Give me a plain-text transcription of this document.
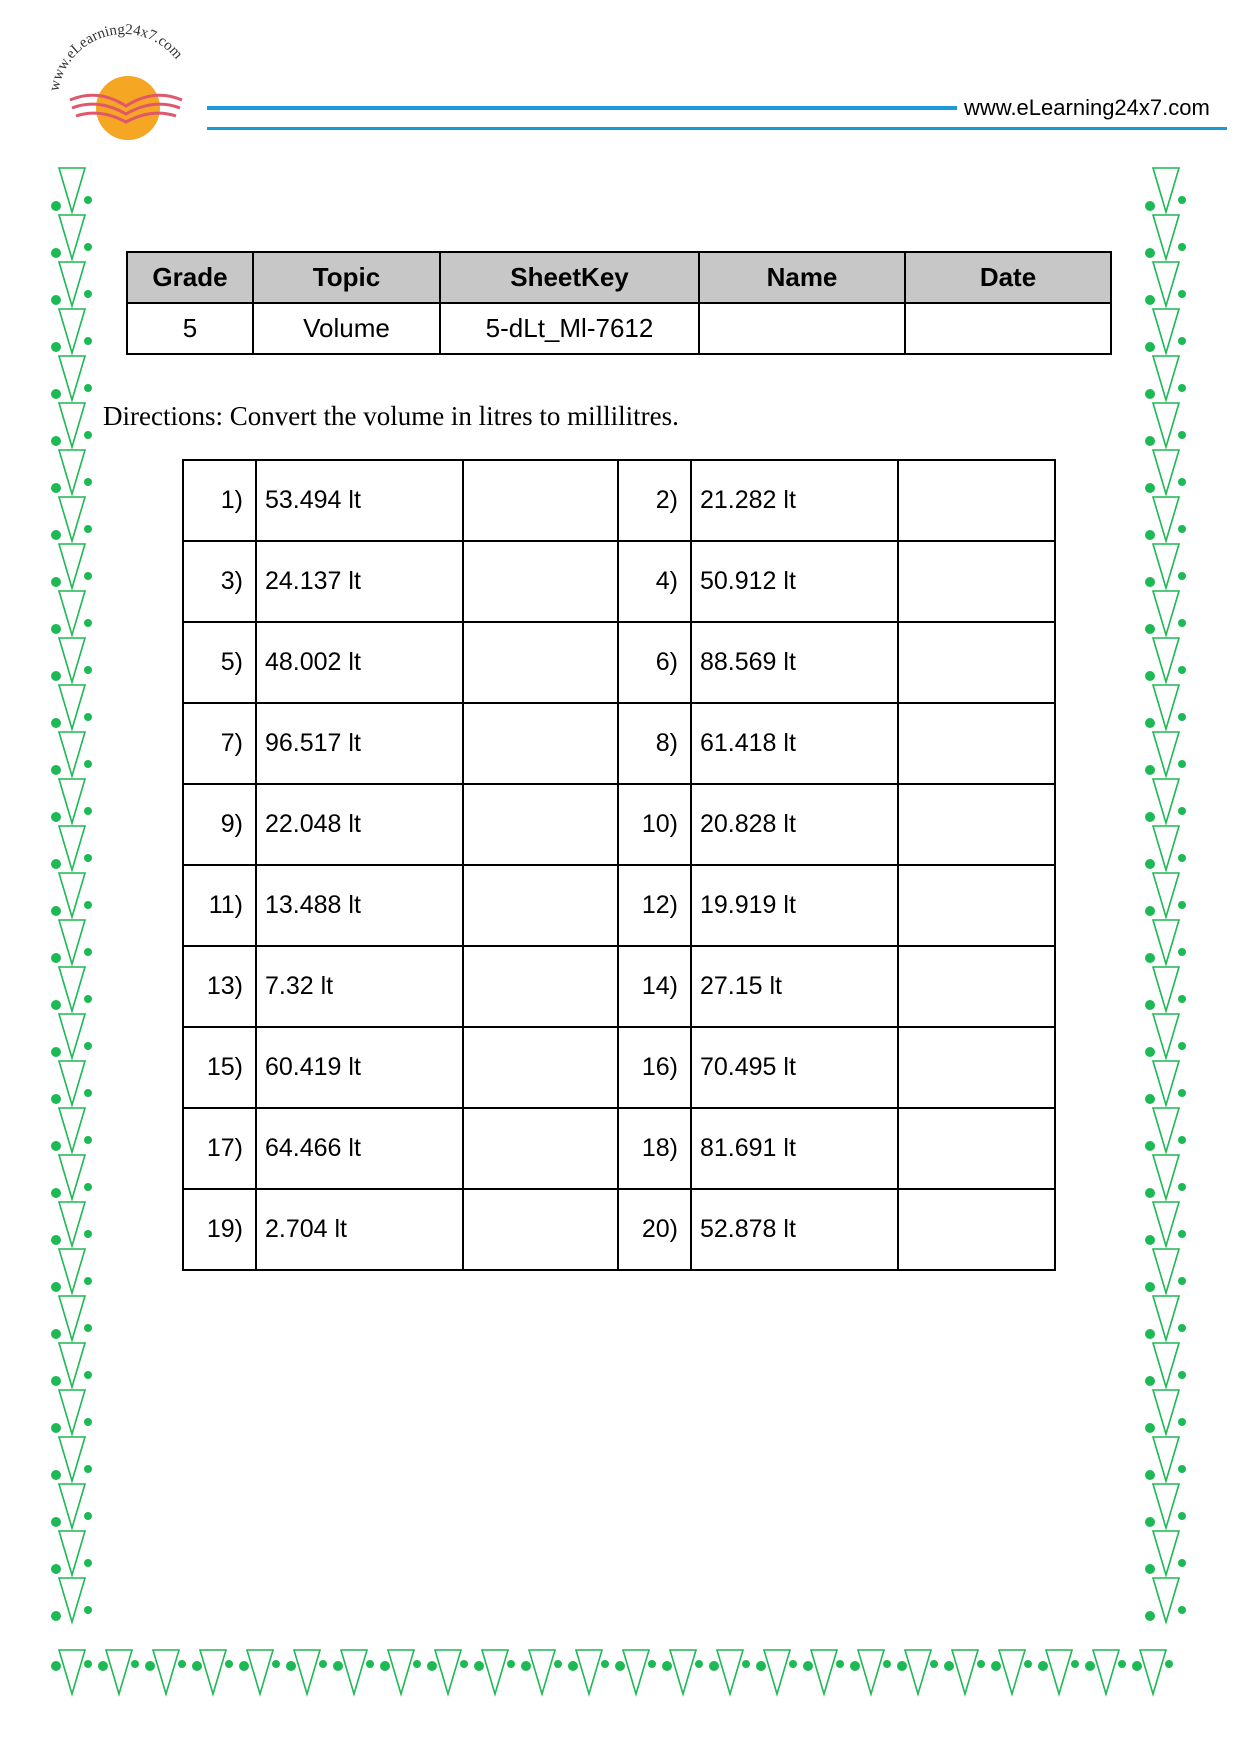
www.eLearning24x7.com
www.eLearning24x7.com
Grade	Topic	SheetKey	Name	Date
5	Volume	5-dLt_Ml-7612		
Directions: Convert the volume in litres to millilitres.
1)	53.494 lt		2)	21.282 lt	
3)	24.137 lt		4)	50.912 lt	
5)	48.002 lt		6)	88.569 lt	
7)	96.517 lt		8)	61.418 lt	
9)	22.048 lt		10)	20.828 lt	
11)	13.488 lt		12)	19.919 lt	
13)	7.32 lt		14)	27.15 lt	
15)	60.419 lt		16)	70.495 lt	
17)	64.466 lt		18)	81.691 lt	
19)	2.704 lt		20)	52.878 lt	
